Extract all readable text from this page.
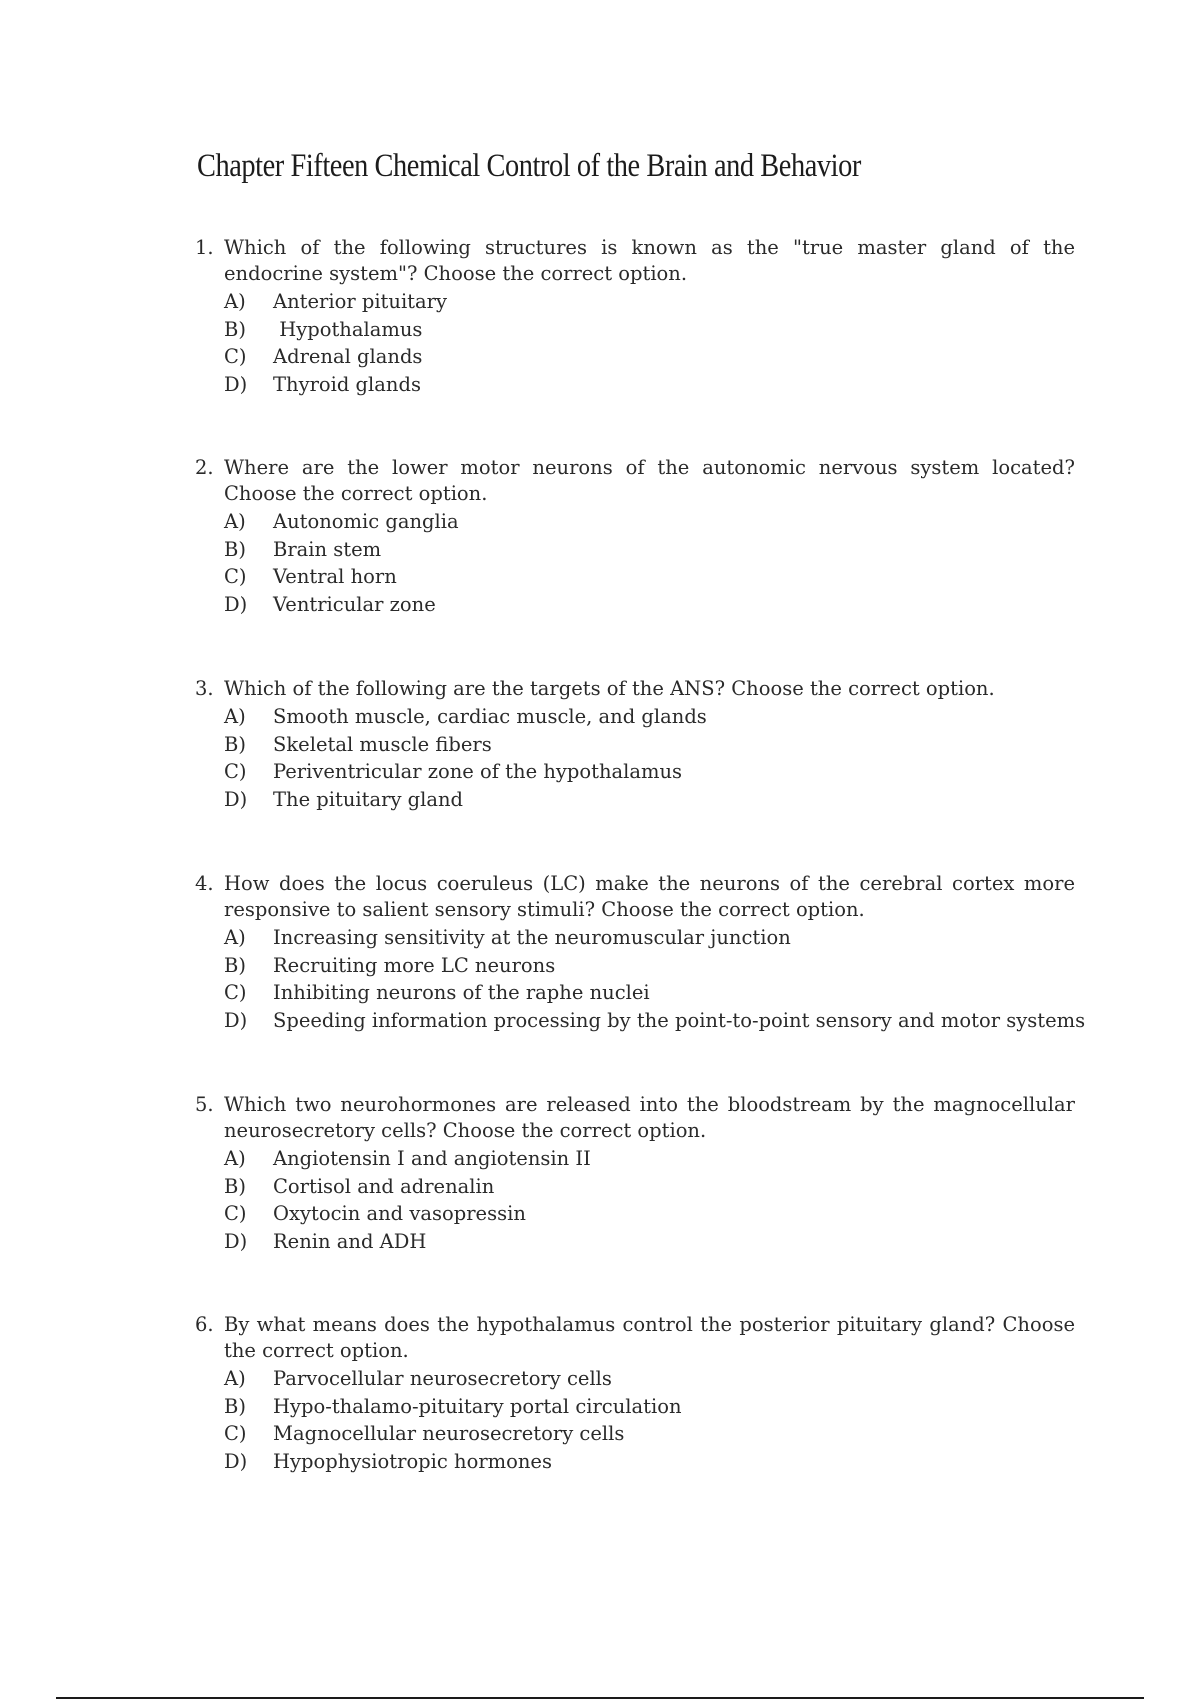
Chapter Fifteen Chemical Control of the Brain and Behavior
1. Which of the following structures is known as the "true master gland of the endocrine system"? Choose the correct option.
A)	Anterior pituitary
B)	Hypothalamus
C)	Adrenal glands
D)	Thyroid glands
2. Where are the lower motor neurons of the autonomic nervous system located? Choose the correct option.
A)	Autonomic ganglia
B)	Brain stem
C)	Ventral horn
D)	Ventricular zone
3. Which of the following are the targets of the ANS? Choose the correct option.
A)	Smooth muscle, cardiac muscle, and glands
B)	Skeletal muscle fibers
C)	Periventricular zone of the hypothalamus
D)	The pituitary gland
4. How does the locus coeruleus (LC) make the neurons of the cerebral cortex more responsive to salient sensory stimuli? Choose the correct option.
A)	Increasing sensitivity at the neuromuscular junction
B)	Recruiting more LC neurons
C)	Inhibiting neurons of the raphe nuclei
D)	Speeding information processing by the point-to-point sensory and motor systems
5. Which two neurohormones are released into the bloodstream by the magnocellular neurosecretory cells? Choose the correct option.
A)	Angiotensin I and angiotensin II
B)	Cortisol and adrenalin
C)	Oxytocin and vasopressin
D)	Renin and ADH
6. By what means does the hypothalamus control the posterior pituitary gland? Choose the correct option.
A)	Parvocellular neurosecretory cells
B)	Hypo-thalamo-pituitary portal circulation
C)	Magnocellular neurosecretory cells
D)	Hypophysiotropic hormones
